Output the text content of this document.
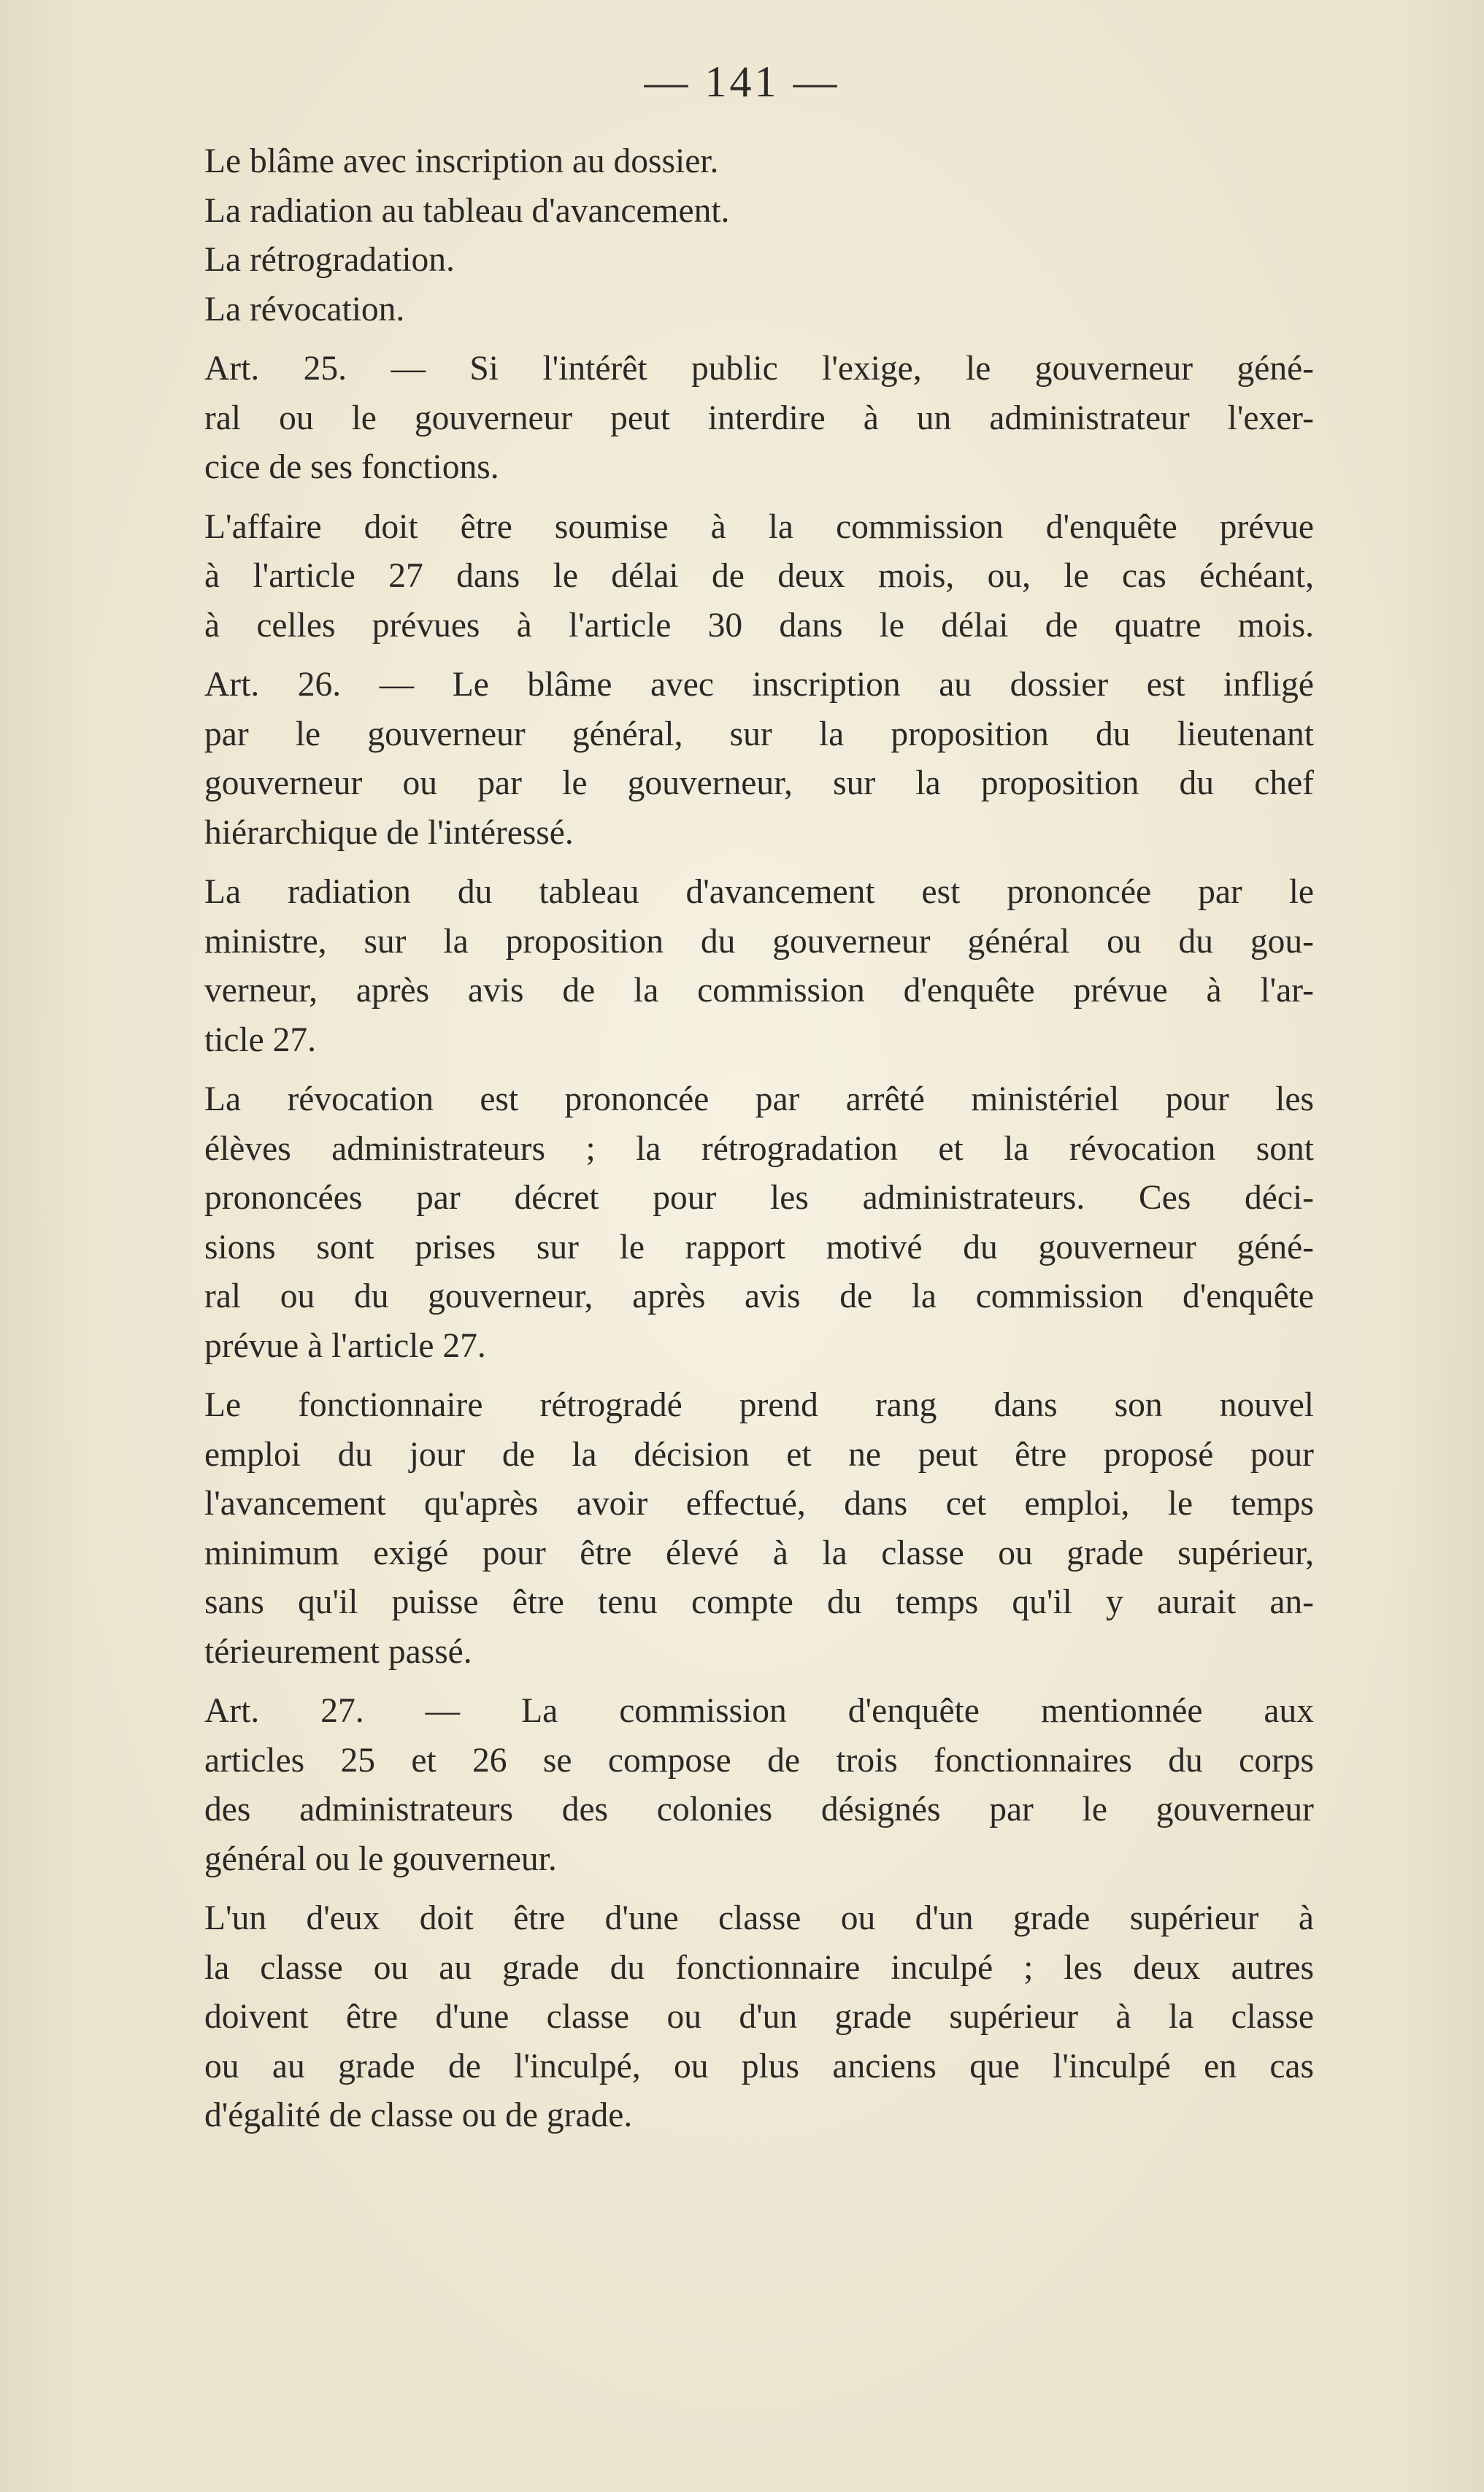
— 141 —
Le blâme avec inscription au dossier.
La radiation au tableau d'avancement.
La rétrogradation.
La révocation.
Art. 25. — Si l'intérêt public l'exige, le gouverneur géné-
ral ou le gouverneur peut interdire à un administrateur l'exer-
cice de ses fonctions.
L'affaire doit être soumise à la commission d'enquête prévue
à l'article 27 dans le délai de deux mois, ou, le cas échéant,
à celles prévues à l'article 30 dans le délai de quatre mois.
Art. 26. — Le blâme avec inscription au dossier est infligé
par le gouverneur général, sur la proposition du lieutenant
gouverneur ou par le gouverneur, sur la proposition du chef
hiérarchique de l'intéressé.
La radiation du tableau d'avancement est prononcée par le
ministre, sur la proposition du gouverneur général ou du gou-
verneur, après avis de la commission d'enquête prévue à l'ar-
ticle 27.
La révocation est prononcée par arrêté ministériel pour les
élèves administrateurs ; la rétrogradation et la révocation sont
prononcées par décret pour les administrateurs. Ces déci-
sions sont prises sur le rapport motivé du gouverneur géné-
ral ou du gouverneur, après avis de la commission d'enquête
prévue à l'article 27.
Le fonctionnaire rétrogradé prend rang dans son nouvel
emploi du jour de la décision et ne peut être proposé pour
l'avancement qu'après avoir effectué, dans cet emploi, le temps
minimum exigé pour être élevé à la classe ou grade supérieur,
sans qu'il puisse être tenu compte du temps qu'il y aurait an-
térieurement passé.
Art. 27. — La commission d'enquête mentionnée aux
articles 25 et 26 se compose de trois fonctionnaires du corps
des administrateurs des colonies désignés par le gouverneur
général ou le gouverneur.
L'un d'eux doit être d'une classe ou d'un grade supérieur à
la classe ou au grade du fonctionnaire inculpé ; les deux autres
doivent être d'une classe ou d'un grade supérieur à la classe
ou au grade de l'inculpé, ou plus anciens que l'inculpé en cas
d'égalité de classe ou de grade.
